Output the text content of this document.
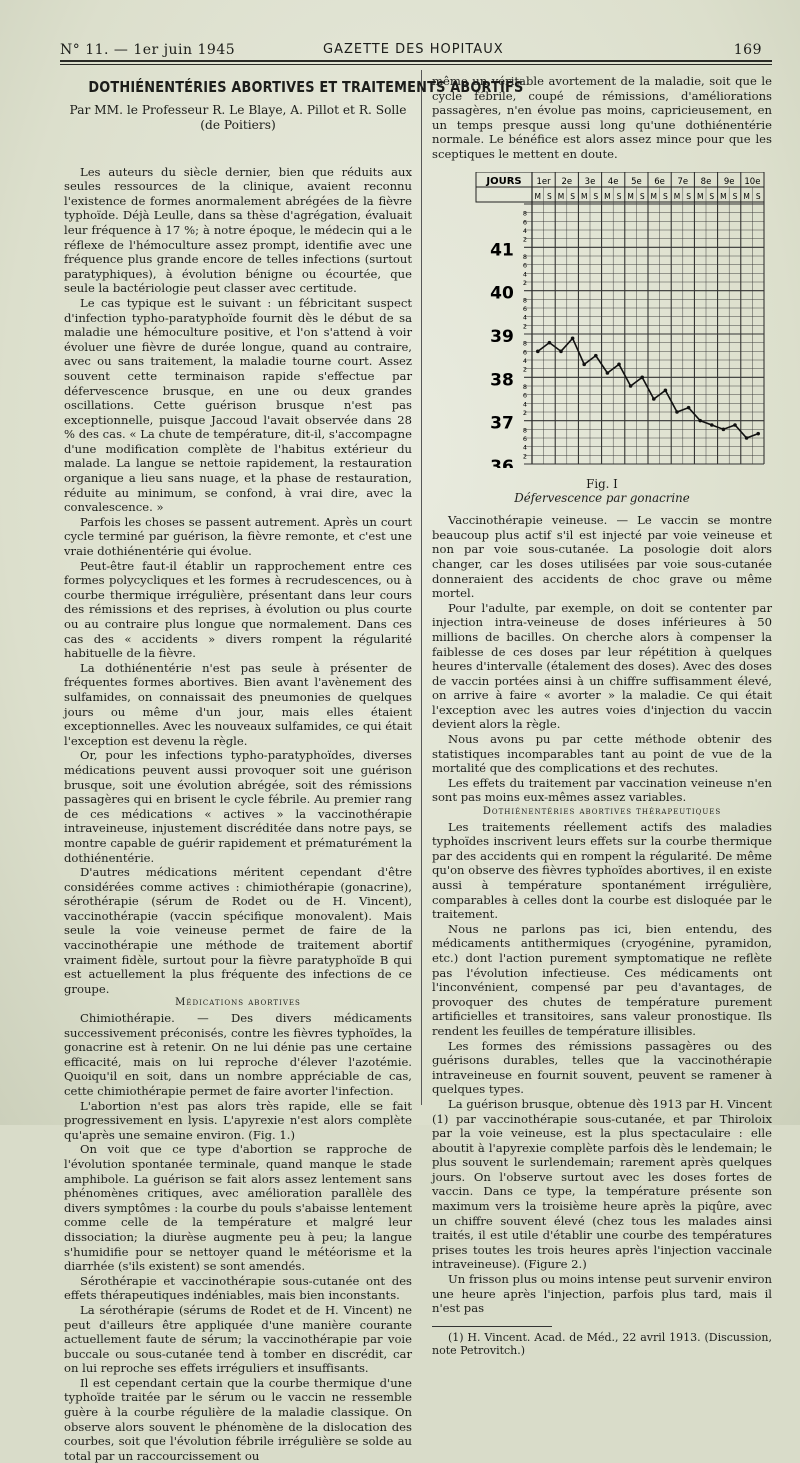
N° 11. — 1er juin 1945	GAZETTE DES HOPITAUX	169
DOTHIÉNENTÉRIES ABORTIVES ET TRAITEMENTS ABORTIFS
Par MM. le Professeur R. Le Blaye, A. Pillot et R. Solle
(de Poitiers)

Les auteurs du siècle dernier, bien que réduits aux seules ressources de la clinique, avaient reconnu l'existence de formes anormalement abrégées de la fièvre typhoïde. Déjà Leulle, dans sa thèse d'agrégation, évaluait leur fréquence à 17 %; à notre époque, le médecin qui a le réflexe de l'hémoculture assez prompt, identifie avec une fréquence plus grande encore de telles infections (surtout paratyphiques), à évolution bénigne ou écourtée, que seule la bactériologie peut classer avec certitude.

Le cas typique est le suivant : un fébricitant suspect d'infection typho-paratyphoïde fournit dès le début de sa maladie une hémoculture positive, et l'on s'attend à voir évoluer une fièvre de durée longue, quand au contraire, avec ou sans traitement, la maladie tourne court. Assez souvent cette terminaison rapide s'effectue par défervescence brusque, en une ou deux grandes oscillations. Cette guérison brusque n'est pas exceptionnelle, puisque Jaccoud l'avait observée dans 28 % des cas. « La chute de température, dit-il, s'accompagne d'une modification complète de l'habitus extérieur du malade. La langue se nettoie rapidement, la restauration organique a lieu sans nuage, et la phase de restauration, réduite au minimum, se confond, à vrai dire, avec la convalescence. »

Parfois les choses se passent autrement. Après un court cycle terminé par guérison, la fièvre remonte, et c'est une vraie dothiénentérie qui évolue.

Peut-être faut-il établir un rapprochement entre ces formes polycycliques et les formes à recrudescences, ou à courbe thermique irrégulière, présentant dans leur cours des rémissions et des reprises, à évolution ou plus courte ou au contraire plus longue que normalement. Dans ces cas des « accidents » divers rompent la régularité habituelle de la fièvre.

La dothiénentérie n'est pas seule à présenter de fréquentes formes abortives. Bien avant l'avènement des sulfamides, on connaissait des pneumonies de quelques jours ou même d'un jour, mais elles étaient exceptionnelles. Avec les nouveaux sulfamides, ce qui était l'exception est devenu la règle.

Or, pour les infections typho-paratyphoïdes, diverses médications peuvent aussi provoquer soit une guérison brusque, soit une évolution abrégée, soit des rémissions passagères qui en brisent le cycle fébrile. Au premier rang de ces médications « actives » la vaccinothérapie intraveineuse, injustement discréditée dans notre pays, se montre capable de guérir rapidement et prématurément la dothiénentérie.

D'autres médications méritent cependant d'être considérées comme actives : chimiothérapie (gonacrine), sérothérapie (sérum de Rodet ou de H. Vincent), vaccinothérapie (vaccin spécifique monovalent). Mais seule la voie veineuse permet de faire de la vaccinothérapie une méthode de traitement abortif vraiment fidèle, surtout pour la fièvre paratyphoïde B qui est actuellement la plus fréquente des infections de ce groupe.

Médications abortives

Chimiothérapie. — Des divers médicaments successivement préconisés, contre les fièvres typhoïdes, la gonacrine est à retenir. On ne lui dénie pas une certaine efficacité, mais on lui reproche d'élever l'azotémie. Quoiqu'il en soit, dans un nombre appréciable de cas, cette chimiothérapie permet de faire avorter l'infection.

L'abortion n'est pas alors très rapide, elle se fait progressivement en lysis. L'apyrexie n'est alors complète qu'après une semaine environ. (Fig. 1.)

On voit que ce type d'abortion se rapproche de l'évolution spontanée terminale, quand manque le stade amphibole. La guérison se fait alors assez lentement sans phénomènes critiques, avec amélioration parallèle des divers symptômes : la courbe du pouls s'abaisse lentement comme celle de la température et malgré leur dissociation; la diurèse augmente peu à peu; la langue s'humidifie pour se nettoyer quand le météorisme et la diarrhée (s'ils existent) se sont amendés.

Sérothérapie et vaccinothérapie sous-cutanée ont des effets thérapeutiques indéniables, mais bien inconstants.

La sérothérapie (sérums de Rodet et de H. Vincent) ne peut d'ailleurs être appliquée d'une manière courante actuellement faute de sérum; la vaccinothérapie par voie buccale ou sous-cutanée tend à tomber en discrédit, car on lui reproche ses effets irréguliers et insuffisants.

Il est cependant certain que la courbe thermique d'une typhoïde traitée par le sérum ou le vaccin ne ressemble guère à la courbe régulière de la maladie classique. On observe alors souvent le phénomène de la dislocation des courbes, soit que l'évolution fébrile irrégulière se solde au total par un raccourcissement ou

même un véritable avortement de la maladie, soit que le cycle fébrile, coupé de rémissions, d'améliorations passagères, n'en évolue pas moins, capricieusement, en un temps presque aussi long qu'une dothiénentérie normale. Le bénéfice est alors assez mince pour que les sceptiques le mettent en doute.

JOURS 1er
M S
2e
M S
3e
M S
4e
M S
5e
M S
6e
M S
7e
M S
8e
M S
9e
M S
10e
M S
41
8
6
4
2
40
8
6
4
2
39
8
6
4
2
38
8
6
4
2
37
8
6
4
2
36
8
6
4
2
Fig. I
Défervescence par gonacrine

Vaccinothérapie veineuse. — Le vaccin se montre beaucoup plus actif s'il est injecté par voie veineuse et non par voie sous-cutanée. La posologie doit alors changer, car les doses utilisées par voie sous-cutanée donneraient des accidents de choc grave ou même mortel.

Pour l'adulte, par exemple, on doit se contenter par injection intra-veineuse de doses inférieures à 50 millions de bacilles. On cherche alors à compenser la faiblesse de ces doses par leur répétition à quelques heures d'intervalle (étalement des doses). Avec des doses de vaccin portées ainsi à un chiffre suffisamment élevé, on arrive à faire « avorter » la maladie. Ce qui était l'exception avec les autres voies d'injection du vaccin devient alors la règle.

Nous avons pu par cette méthode obtenir des statistiques incomparables tant au point de vue de la mortalité que des complications et des rechutes.

Les effets du traitement par vaccination veineuse n'en sont pas moins eux-mêmes assez variables.

Dothiénentéries abortives thérapeutiques

Les traitements réellement actifs des maladies typhoïdes inscrivent leurs effets sur la courbe thermique par des accidents qui en rompent la régularité. De même qu'on observe des fièvres typhoïdes abortives, il en existe aussi à température spontanément irrégulière, comparables à celles dont la courbe est disloquée par le traitement.

Nous ne parlons pas ici, bien entendu, des médicaments antithermiques (cryogénine, pyramidon, etc.) dont l'action purement symptomatique ne reflète pas l'évolution infectieuse. Ces médicaments ont l'inconvénient, compensé par peu d'avantages, de provoquer des chutes de température purement artificielles et transitoires, sans valeur pronostique. Ils rendent les feuilles de température illisibles.

Les formes des rémissions passagères ou des guérisons durables, telles que la vaccinothérapie intraveineuse en fournit souvent, peuvent se ramener à quelques types.

La guérison brusque, obtenue dès 1913 par H. Vincent (1) par vaccinothérapie sous-cutanée, et par Thiroloix par la voie veineuse, est la plus spectaculaire : elle aboutit à l'apyrexie complète parfois dès le lendemain; le plus souvent le surlendemain; rarement après quelques jours. On l'observe surtout avec les doses fortes de vaccin. Dans ce type, la température présente son maximum vers la troisième heure après la piqûre, avec un chiffre souvent élevé (chez tous les malades ainsi traités, il est utile d'établir une courbe des températures prises toutes les trois heures après l'injection vaccinale intraveineuse). (Figure 2.)

Un frisson plus ou moins intense peut survenir environ une heure après l'injection, parfois plus tard, mais il n'est pas

(1) H. Vincent. Acad. de Méd., 22 avril 1913. (Discussion, note Petrovitch.)
